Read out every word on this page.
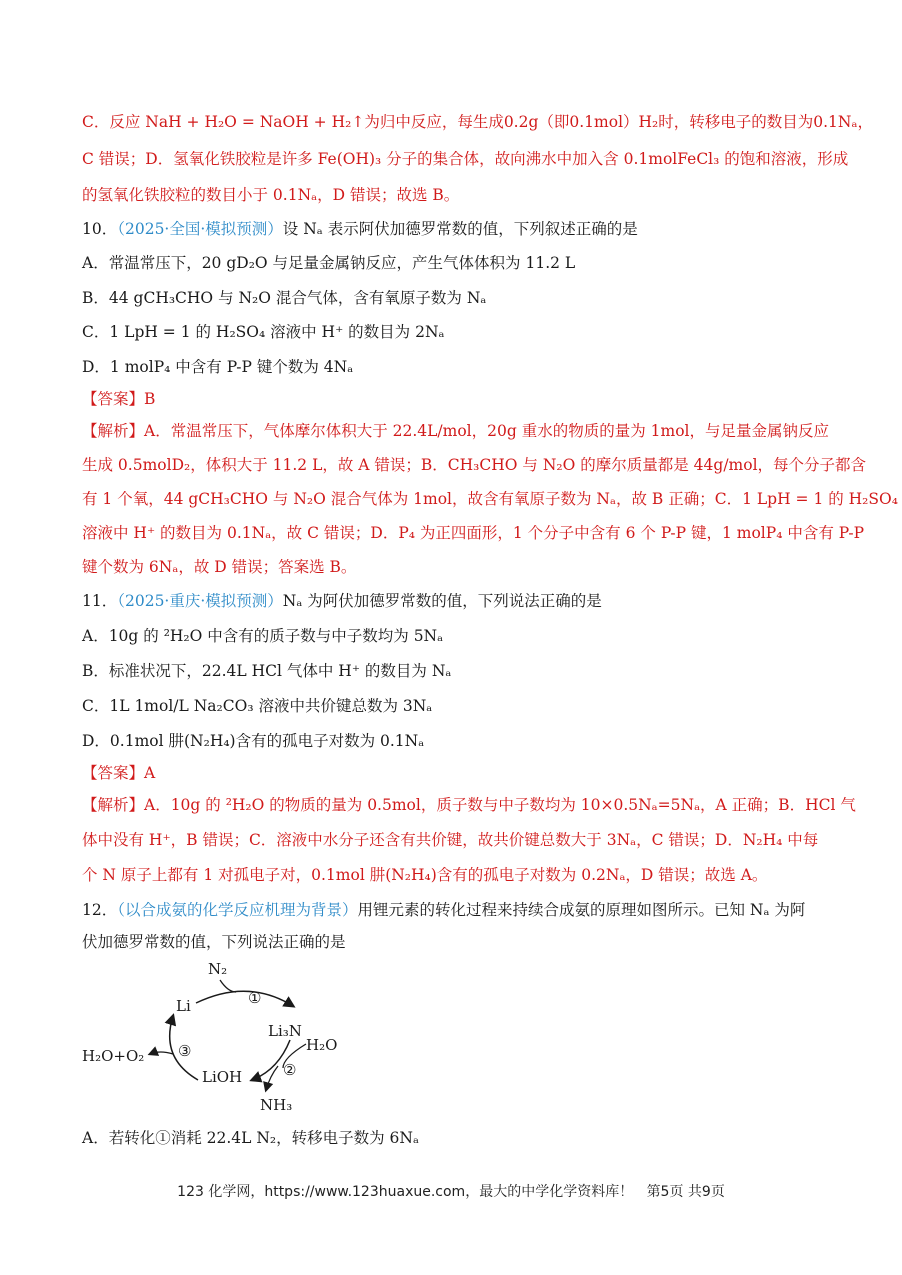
C．反应 NaH + H₂O = NaOH + H₂↑为归中反应，每生成0.2g（即0.1mol）H₂时，转移电子的数目为0.1Nₐ，
C 错误；D．氢氧化铁胶粒是许多 Fe(OH)₃ 分子的集合体，故向沸水中加入含 0.1molFeCl₃ 的饱和溶液，形成
的氢氧化铁胶粒的数目小于 0.1Nₐ，D 错误；故选 B。
10．（2025·全国·模拟预测）设 Nₐ 表示阿伏加德罗常数的值，下列叙述正确的是
A．常温常压下，20 gD₂O 与足量金属钠反应，产生气体体积为 11.2 L
B．44 gCH₃CHO 与 N₂O 混合气体，含有氧原子数为 Nₐ
C．1 LpH = 1 的 H₂SO₄ 溶液中 H⁺ 的数目为 2Nₐ
D．1 molP₄ 中含有 P-P 键个数为 4Nₐ
【答案】B
【解析】A．常温常压下，气体摩尔体积大于 22.4L/mol，20g 重水的物质的量为 1mol，与足量金属钠反应
生成 0.5molD₂，体积大于 11.2 L，故 A 错误；B．CH₃CHO 与 N₂O 的摩尔质量都是 44g/mol，每个分子都含
有 1 个氧，44 gCH₃CHO 与 N₂O 混合气体为 1mol，故含有氧原子数为 Nₐ，故 B 正确；C．1 LpH = 1 的 H₂SO₄
溶液中 H⁺ 的数目为 0.1Nₐ，故 C 错误；D．P₄ 为正四面形，1 个分子中含有 6 个 P-P 键，1 molP₄ 中含有 P-P
键个数为 6Nₐ，故 D 错误；答案选 B。
11．（2025·重庆·模拟预测）Nₐ 为阿伏加德罗常数的值，下列说法正确的是
A．10g 的 ²H₂O 中含有的质子数与中子数均为 5Nₐ
B．标准状况下，22.4L HCl 气体中 H⁺ 的数目为 Nₐ
C．1L 1mol/L Na₂CO₃ 溶液中共价键总数为 3Nₐ
D．0.1mol 肼(N₂H₄)含有的孤电子对数为 0.1Nₐ
【答案】A
【解析】A．10g 的 ²H₂O 的物质的量为 0.5mol，质子数与中子数均为 10×0.5Nₐ=5Nₐ，A 正确；B．HCl 气
体中没有 H⁺，B 错误；C．溶液中水分子还含有共价键，故共价键总数大于 3Nₐ，C 错误；D．N₂H₄ 中每
个 N 原子上都有 1 对孤电子对，0.1mol 肼(N₂H₄)含有的孤电子对数为 0.2Nₐ，D 错误；故选 A。
12．（以合成氨的化学反应机理为背景）用锂元素的转化过程来持续合成氨的原理如图所示。已知 Nₐ 为阿
伏加德罗常数的值，下列说法正确的是
N₂
Li
Li₃N
H₂O
H₂O+O₂
LiOH
NH₃
①
②
③
A．若转化①消耗 22.4L N₂，转移电子数为 6Nₐ
123 化学网，https://www.123huaxue.com，最大的中学化学资料库！ 第5页 共9页
